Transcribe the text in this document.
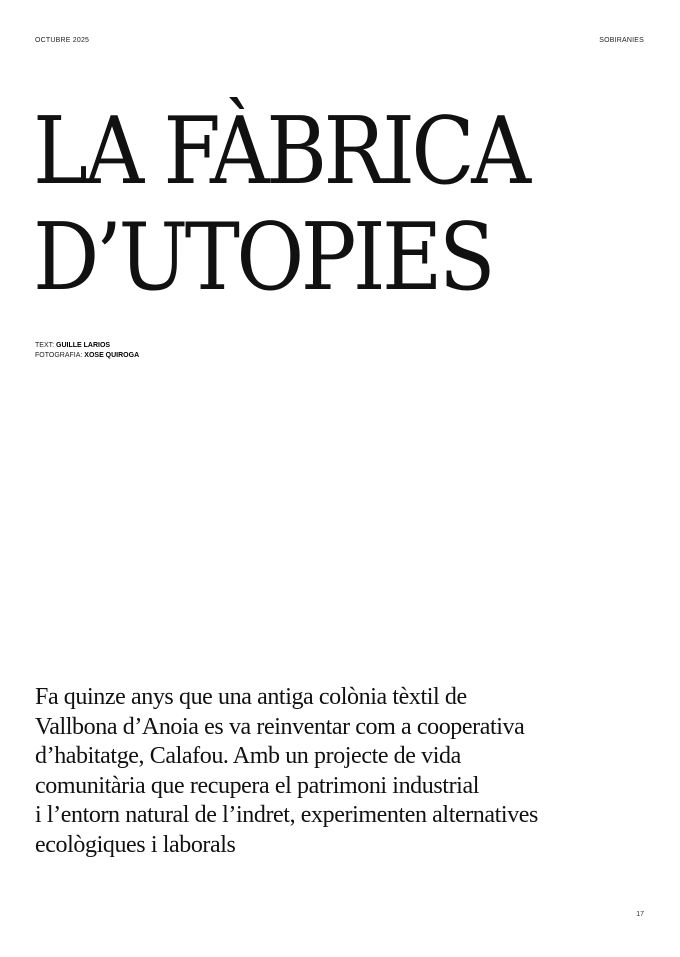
OCTUBRE 2025	SOBIRANIES
LA FÀBRICA
D’UTOPIES
TEXT: GUILLE LARIOS
FOTOGRAFIA: XOSE QUIROGA

Fa quinze anys que una antiga colònia tèxtil de
Vallbona d’Anoia es va reinventar com a cooperativa
d’habitatge, Calafou. Amb un projecte de vida
comunitària que recupera el patrimoni industrial
i l’entorn natural de l’indret, experimenten alternatives
ecològiques i laborals

17
